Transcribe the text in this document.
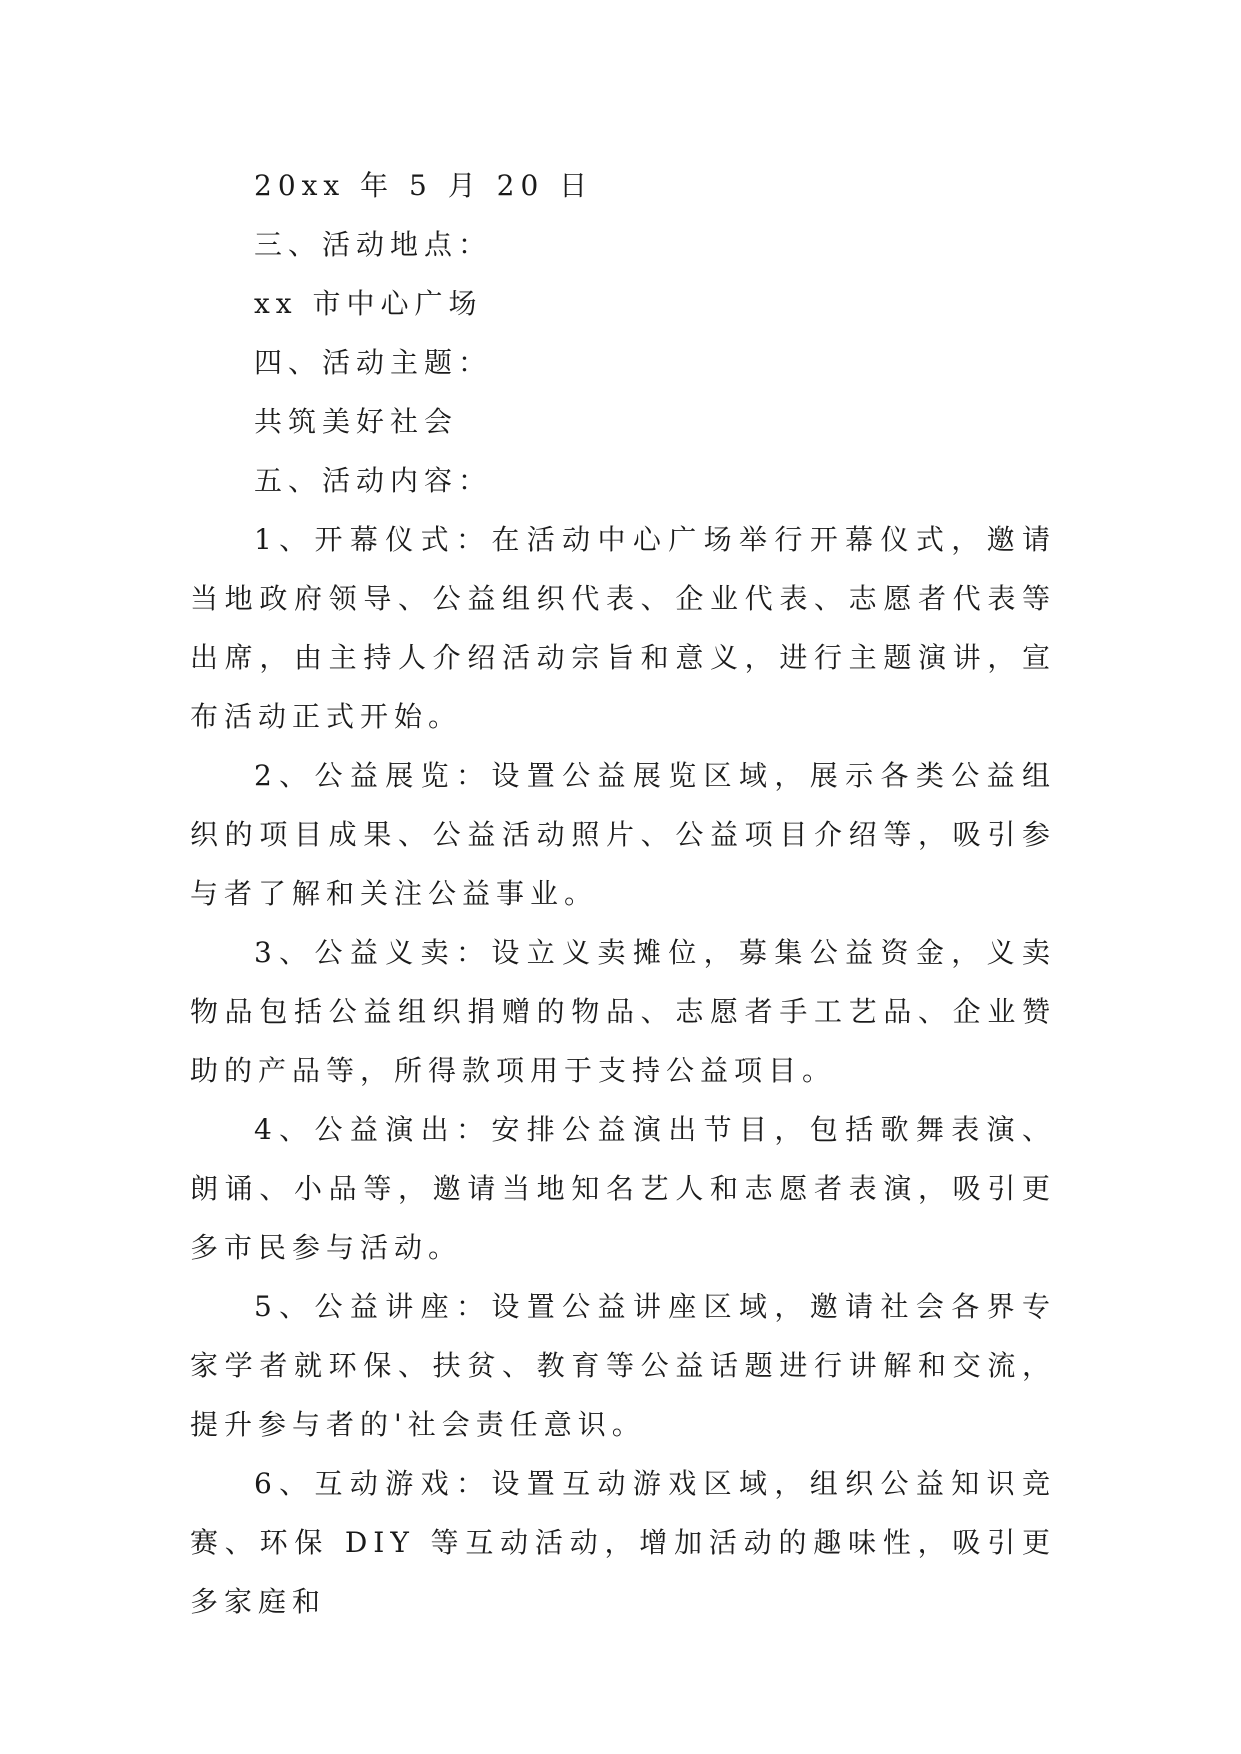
20xx 年 5 月 20 日

三、活动地点：

xx 市中心广场

四、活动主题：

共筑美好社会

五、活动内容：

1、开幕仪式：在活动中心广场举行开幕仪式，邀请当地政府领导、公益组织代表、企业代表、志愿者代表等出席，由主持人介绍活动宗旨和意义，进行主题演讲，宣布活动正式开始。

2、公益展览：设置公益展览区域，展示各类公益组织的项目成果、公益活动照片、公益项目介绍等，吸引参与者了解和关注公益事业。

3、公益义卖：设立义卖摊位，募集公益资金，义卖物品包括公益组织捐赠的物品、志愿者手工艺品、企业赞助的产品等，所得款项用于支持公益项目。

4、公益演出：安排公益演出节目，包括歌舞表演、朗诵、小品等，邀请当地知名艺人和志愿者表演，吸引更多市民参与活动。

5、公益讲座：设置公益讲座区域，邀请社会各界专家学者就环保、扶贫、教育等公益话题进行讲解和交流，提升参与者的'社会责任意识。

6、互动游戏：设置互动游戏区域，组织公益知识竞赛、环保 DIY 等互动活动，增加活动的趣味性，吸引更多家庭和
